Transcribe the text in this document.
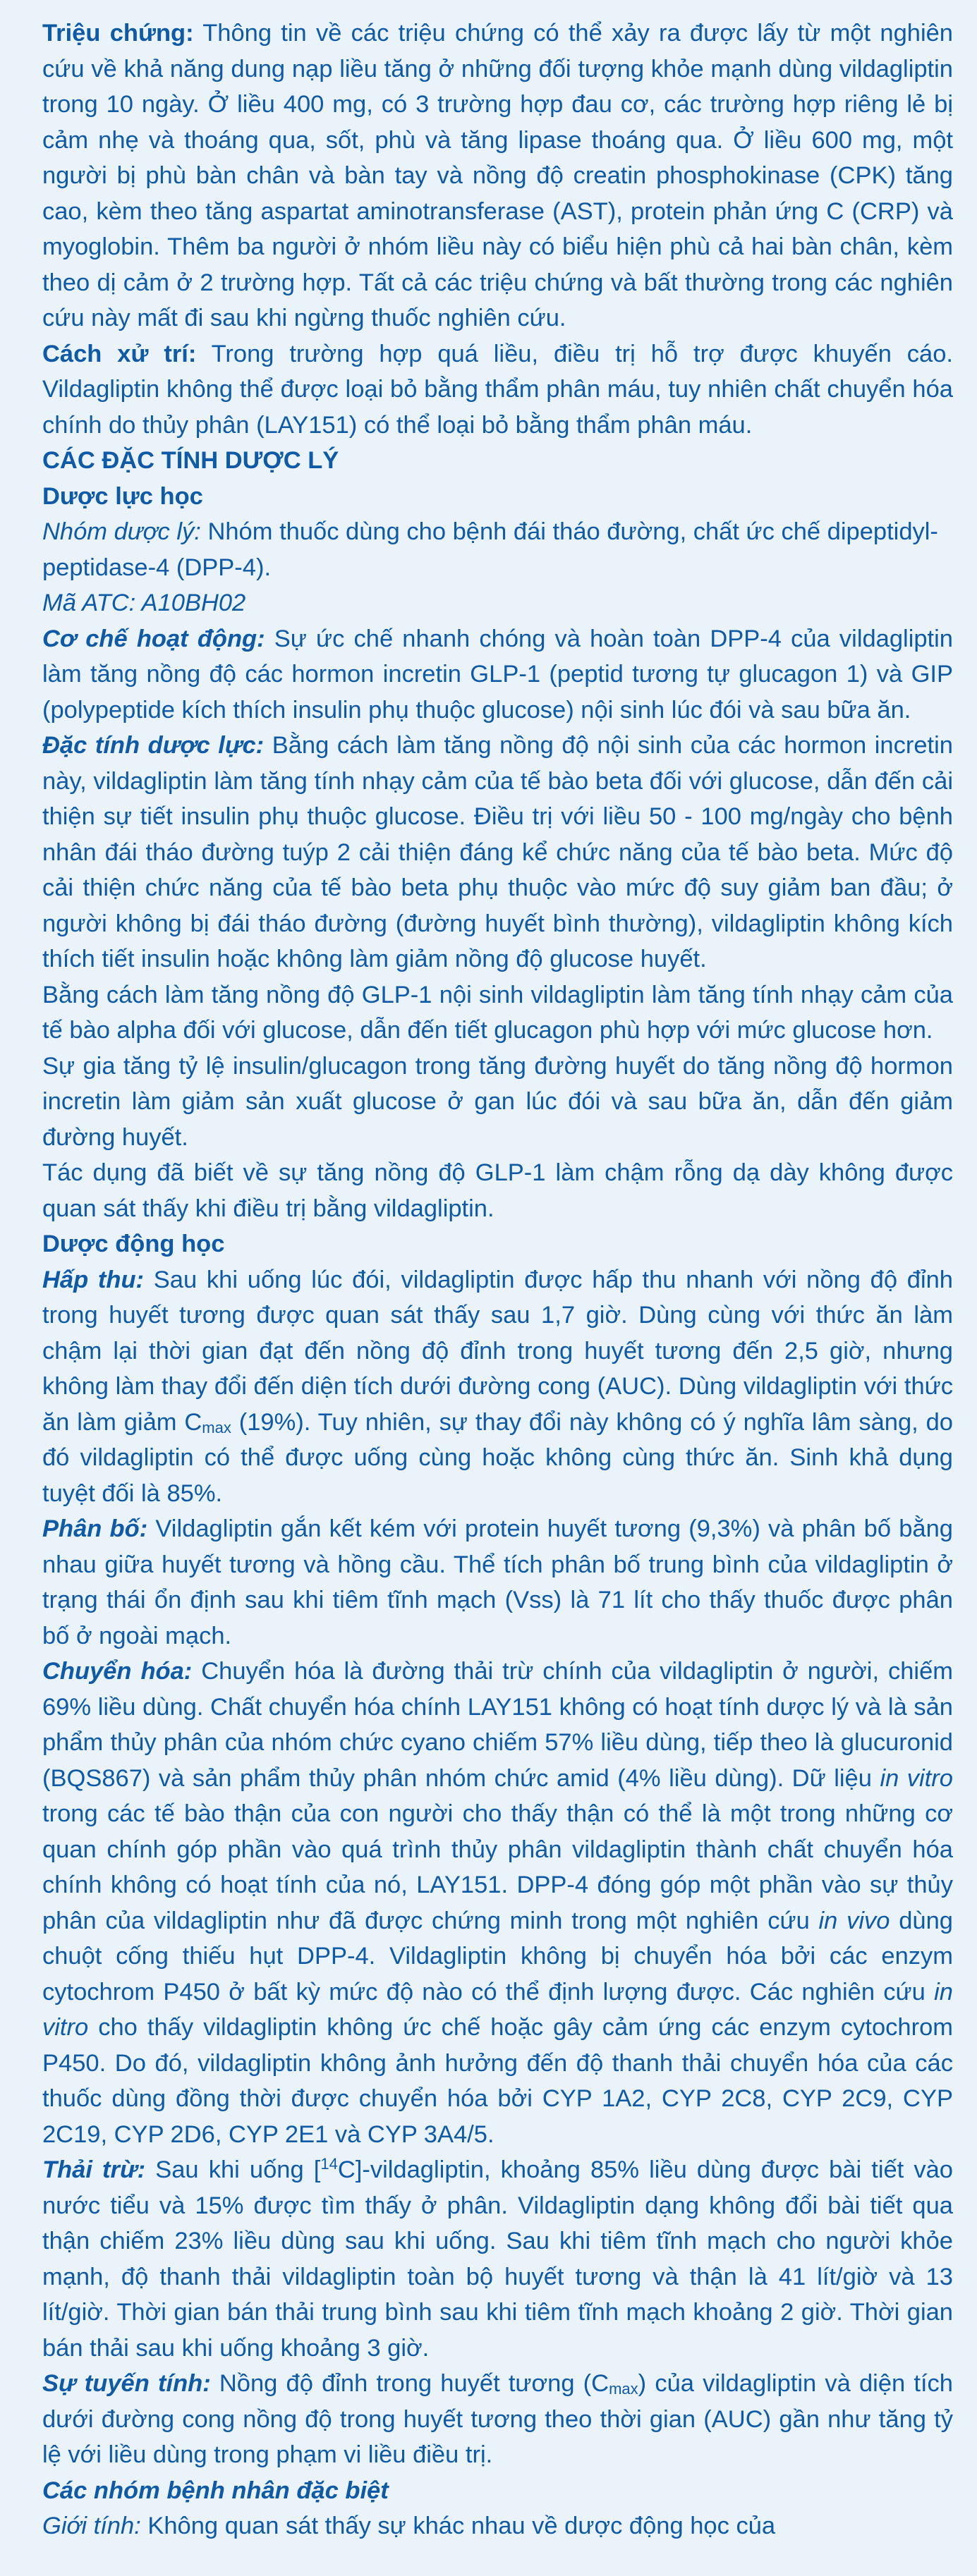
Triệu chứng: Thông tin về các triệu chứng có thể xảy ra được lấy từ một nghiên cứu về khả năng dung nạp liều tăng ở những đối tượng khỏe mạnh dùng vildagliptin trong 10 ngày. Ở liều 400 mg, có 3 trường hợp đau cơ, các trường hợp riêng lẻ bị cảm nhẹ và thoáng qua, sốt, phù và tăng lipase thoáng qua. Ở liều 600 mg, một người bị phù bàn chân và bàn tay và nồng độ creatin phosphokinase (CPK) tăng cao, kèm theo tăng aspartat aminotransferase (AST), protein phản ứng C (CRP) và myoglobin. Thêm ba người ở nhóm liều này có biểu hiện phù cả hai bàn chân, kèm theo dị cảm ở 2 trường hợp. Tất cả các triệu chứng và bất thường trong các nghiên cứu này mất đi sau khi ngừng thuốc nghiên cứu.

Cách xử trí: Trong trường hợp quá liều, điều trị hỗ trợ được khuyến cáo. Vildagliptin không thể được loại bỏ bằng thẩm phân máu, tuy nhiên chất chuyển hóa chính do thủy phân (LAY151) có thể loại bỏ bằng thẩm phân máu.

CÁC ĐẶC TÍNH DƯỢC LÝ
Dược lực học

Nhóm dược lý: Nhóm thuốc dùng cho bệnh đái tháo đường, chất ức chế dipeptidyl-peptidase-4 (DPP-4).

Mã ATC: A10BH02

Cơ chế hoạt động: Sự ức chế nhanh chóng và hoàn toàn DPP-4 của vildagliptin làm tăng nồng độ các hormon incretin GLP-1 (peptid tương tự glucagon 1) và GIP (polypeptide kích thích insulin phụ thuộc glucose) nội sinh lúc đói và sau bữa ăn.

Đặc tính dược lực: Bằng cách làm tăng nồng độ nội sinh của các hormon incretin này, vildagliptin làm tăng tính nhạy cảm của tế bào beta đối với glucose, dẫn đến cải thiện sự tiết insulin phụ thuộc glucose. Điều trị với liều 50 - 100 mg/ngày cho bệnh nhân đái tháo đường tuýp 2 cải thiện đáng kể chức năng của tế bào beta. Mức độ cải thiện chức năng của tế bào beta phụ thuộc vào mức độ suy giảm ban đầu; ở người không bị đái tháo đường (đường huyết bình thường), vildagliptin không kích thích tiết insulin hoặc không làm giảm nồng độ glucose huyết.

Bằng cách làm tăng nồng độ GLP-1 nội sinh vildagliptin làm tăng tính nhạy cảm của tế bào alpha đối với glucose, dẫn đến tiết glucagon phù hợp với mức glucose hơn.

Sự gia tăng tỷ lệ insulin/glucagon trong tăng đường huyết do tăng nồng độ hormon incretin làm giảm sản xuất glucose ở gan lúc đói và sau bữa ăn, dẫn đến giảm đường huyết.

Tác dụng đã biết về sự tăng nồng độ GLP-1 làm chậm rỗng dạ dày không được quan sát thấy khi điều trị bằng vildagliptin.

Dược động học

Hấp thu: Sau khi uống lúc đói, vildagliptin được hấp thu nhanh với nồng độ đỉnh trong huyết tương được quan sát thấy sau 1,7 giờ. Dùng cùng với thức ăn làm chậm lại thời gian đạt đến nồng độ đỉnh trong huyết tương đến 2,5 giờ, nhưng không làm thay đổi đến diện tích dưới đường cong (AUC). Dùng vildagliptin với thức ăn làm giảm $C_{max}$ (19%). Tuy nhiên, sự thay đổi này không có ý nghĩa lâm sàng, do đó vildagliptin có thể được uống cùng hoặc không cùng thức ăn. Sinh khả dụng tuyệt đối là 85%.

Phân bố: Vildagliptin gắn kết kém với protein huyết tương (9,3%) và phân bố bằng nhau giữa huyết tương và hồng cầu. Thể tích phân bố trung bình của vildagliptin ở trạng thái ổn định sau khi tiêm tĩnh mạch (Vss) là 71 lít cho thấy thuốc được phân bố ở ngoài mạch.

Chuyển hóa: Chuyển hóa là đường thải trừ chính của vildagliptin ở người, chiếm 69% liều dùng. Chất chuyển hóa chính LAY151 không có hoạt tính dược lý và là sản phẩm thủy phân của nhóm chức cyano chiếm 57% liều dùng, tiếp theo là glucuronid (BQS867) và sản phẩm thủy phân nhóm chức amid (4% liều dùng). Dữ liệu in vitro trong các tế bào thận của con người cho thấy thận có thể là một trong những cơ quan chính góp phần vào quá trình thủy phân vildagliptin thành chất chuyển hóa chính không có hoạt tính của nó, LAY151. DPP-4 đóng góp một phần vào sự thủy phân của vildagliptin như đã được chứng minh trong một nghiên cứu in vivo dùng chuột cống thiếu hụt DPP-4. Vildagliptin không bị chuyển hóa bởi các enzym cytochrom P450 ở bất kỳ mức độ nào có thể định lượng được. Các nghiên cứu in vitro cho thấy vildagliptin không ức chế hoặc gây cảm ứng các enzym cytochrom P450. Do đó, vildagliptin không ảnh hưởng đến độ thanh thải chuyển hóa của các thuốc dùng đồng thời được chuyển hóa bởi CYP 1A2, CYP 2C8, CYP 2C9, CYP 2C19, CYP 2D6, CYP 2E1 và CYP 3A4/5.

Thải trừ: Sau khi uống [$^{14}$C]-vildagliptin, khoảng 85% liều dùng được bài tiết vào nước tiểu và 15% được tìm thấy ở phân. Vildagliptin dạng không đổi bài tiết qua thận chiếm 23% liều dùng sau khi uống. Sau khi tiêm tĩnh mạch cho người khỏe mạnh, độ thanh thải vildagliptin toàn bộ huyết tương và thận là 41 lít/giờ và 13 lít/giờ. Thời gian bán thải trung bình sau khi tiêm tĩnh mạch khoảng 2 giờ. Thời gian bán thải sau khi uống khoảng 3 giờ.

Sự tuyến tính: Nồng độ đỉnh trong huyết tương $(C_{max})$ của vildagliptin và diện tích dưới đường cong nồng độ trong huyết tương theo thời gian (AUC) gần như tăng tỷ lệ với liều dùng trong phạm vi liều điều trị.

Các nhóm bệnh nhân đặc biệt

Giới tính: Không quan sát thấy sự khác nhau về dược động học của
